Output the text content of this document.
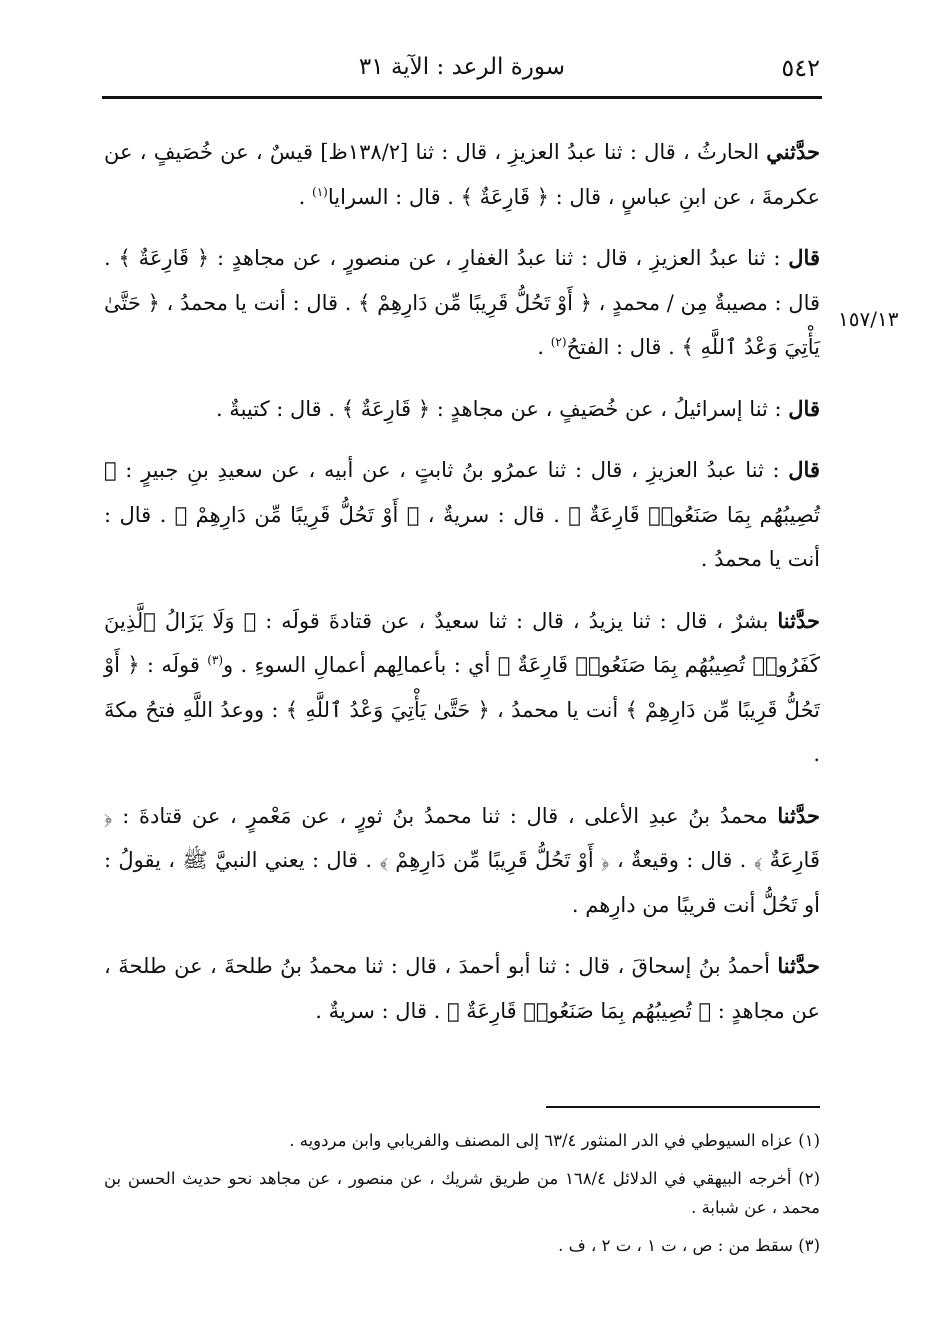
٥٤٢
سورة الرعد : الآية ٣١
١٥٧/١٣

حدَّثني الحارثُ ، قال : ثنا عبدُ العزيزِ ، قال : ثنا [١٣٨/٢ظ] قيسٌ ، عن خُصَيفٍ ، عن عكرمةَ ، عن ابنِ عباسٍ ، قال : ﴿ قَارِعَةٌ ﴾ . قال : السرايا$^{(١)}$ .

قال : ثنا عبدُ العزيزِ ، قال : ثنا عبدُ الغفارِ ، عن منصورٍ ، عن مجاهدٍ : ﴿ قَارِعَةٌ ﴾ . قال : مصيبةٌ مِن / محمدٍ ، ﴿ أَوْ تَحُلُّ قَرِيبًا مِّن دَارِهِمْ ﴾ . قال : أنت يا محمدُ ، ﴿ حَتَّىٰ يَأْتِيَ وَعْدُ ٱللَّهِ ﴾ . قال : الفتحُ$^{(٢)}$ .

قال : ثنا إسرائيلُ ، عن خُصَيفٍ ، عن مجاهدٍ : ﴿ قَارِعَةٌ ﴾ . قال : كتيبةٌ .

قال : ثنا عبدُ العزيزِ ، قال : ثنا عمرُو بنُ ثابتٍ ، عن أبيه ، عن سعيدِ بنِ جبيرٍ : ﴿ تُصِيبُهُم بِمَا صَنَعُوا۟ قَارِعَةٌ ﴾ . قال : سريةٌ ، ﴿ أَوْ تَحُلُّ قَرِيبًا مِّن دَارِهِمْ ﴾ . قال : أنت يا محمدُ .

حدَّثنا بشرٌ ، قال : ثنا يزيدُ ، قال : ثنا سعيدٌ ، عن قتادةَ قولَه : ﴿ وَلَا يَزَالُ ٱلَّذِينَ كَفَرُوا۟ تُصِيبُهُم بِمَا صَنَعُوا۟ قَارِعَةٌ ﴾ أي : بأعمالِهم أعمالِ السوءِ . و$^{(٣)}$ قولَه : ﴿ أَوْ تَحُلُّ قَرِيبًا مِّن دَارِهِمْ ﴾ أنت يا محمدُ ، ﴿ حَتَّىٰ يَأْتِيَ وَعْدُ ٱللَّهِ ﴾ : ووعدُ اللَّهِ فتحُ مكةَ .

حدَّثنا محمدُ بنُ عبدِ الأعلى ، قال : ثنا محمدُ بنُ ثورٍ ، عن مَعْمرٍ ، عن قتادةَ : ﴿ قَارِعَةٌ ﴾ . قال : وقيعةٌ ، ﴿ أَوْ تَحُلُّ قَرِيبًا مِّن دَارِهِمْ ﴾ . قال : يعني النبيَّ ﷺ ، يقولُ : أو تَحُلُّ أنت قريبًا من دارِهم .

حدَّثنا أحمدُ بنُ إسحاقَ ، قال : ثنا أبو أحمدَ ، قال : ثنا محمدُ بنُ طلحةَ ، عن طلحةَ ، عن مجاهدٍ : ﴿ تُصِيبُهُم بِمَا صَنَعُوا۟ قَارِعَةٌ ﴾ . قال : سريةٌ .

(١) عزاه السيوطي في الدر المنثور ٦٣/٤ إلى المصنف والفريابي وابن مردويه .

(٢) أخرجه البيهقي في الدلائل ١٦٨/٤ من طريق شريك ، عن منصور ، عن مجاهد نحو حديث الحسن بن محمد ، عن شبابة .

(٣) سقط من : ص ، ت ١ ، ت ٢ ، ف .
